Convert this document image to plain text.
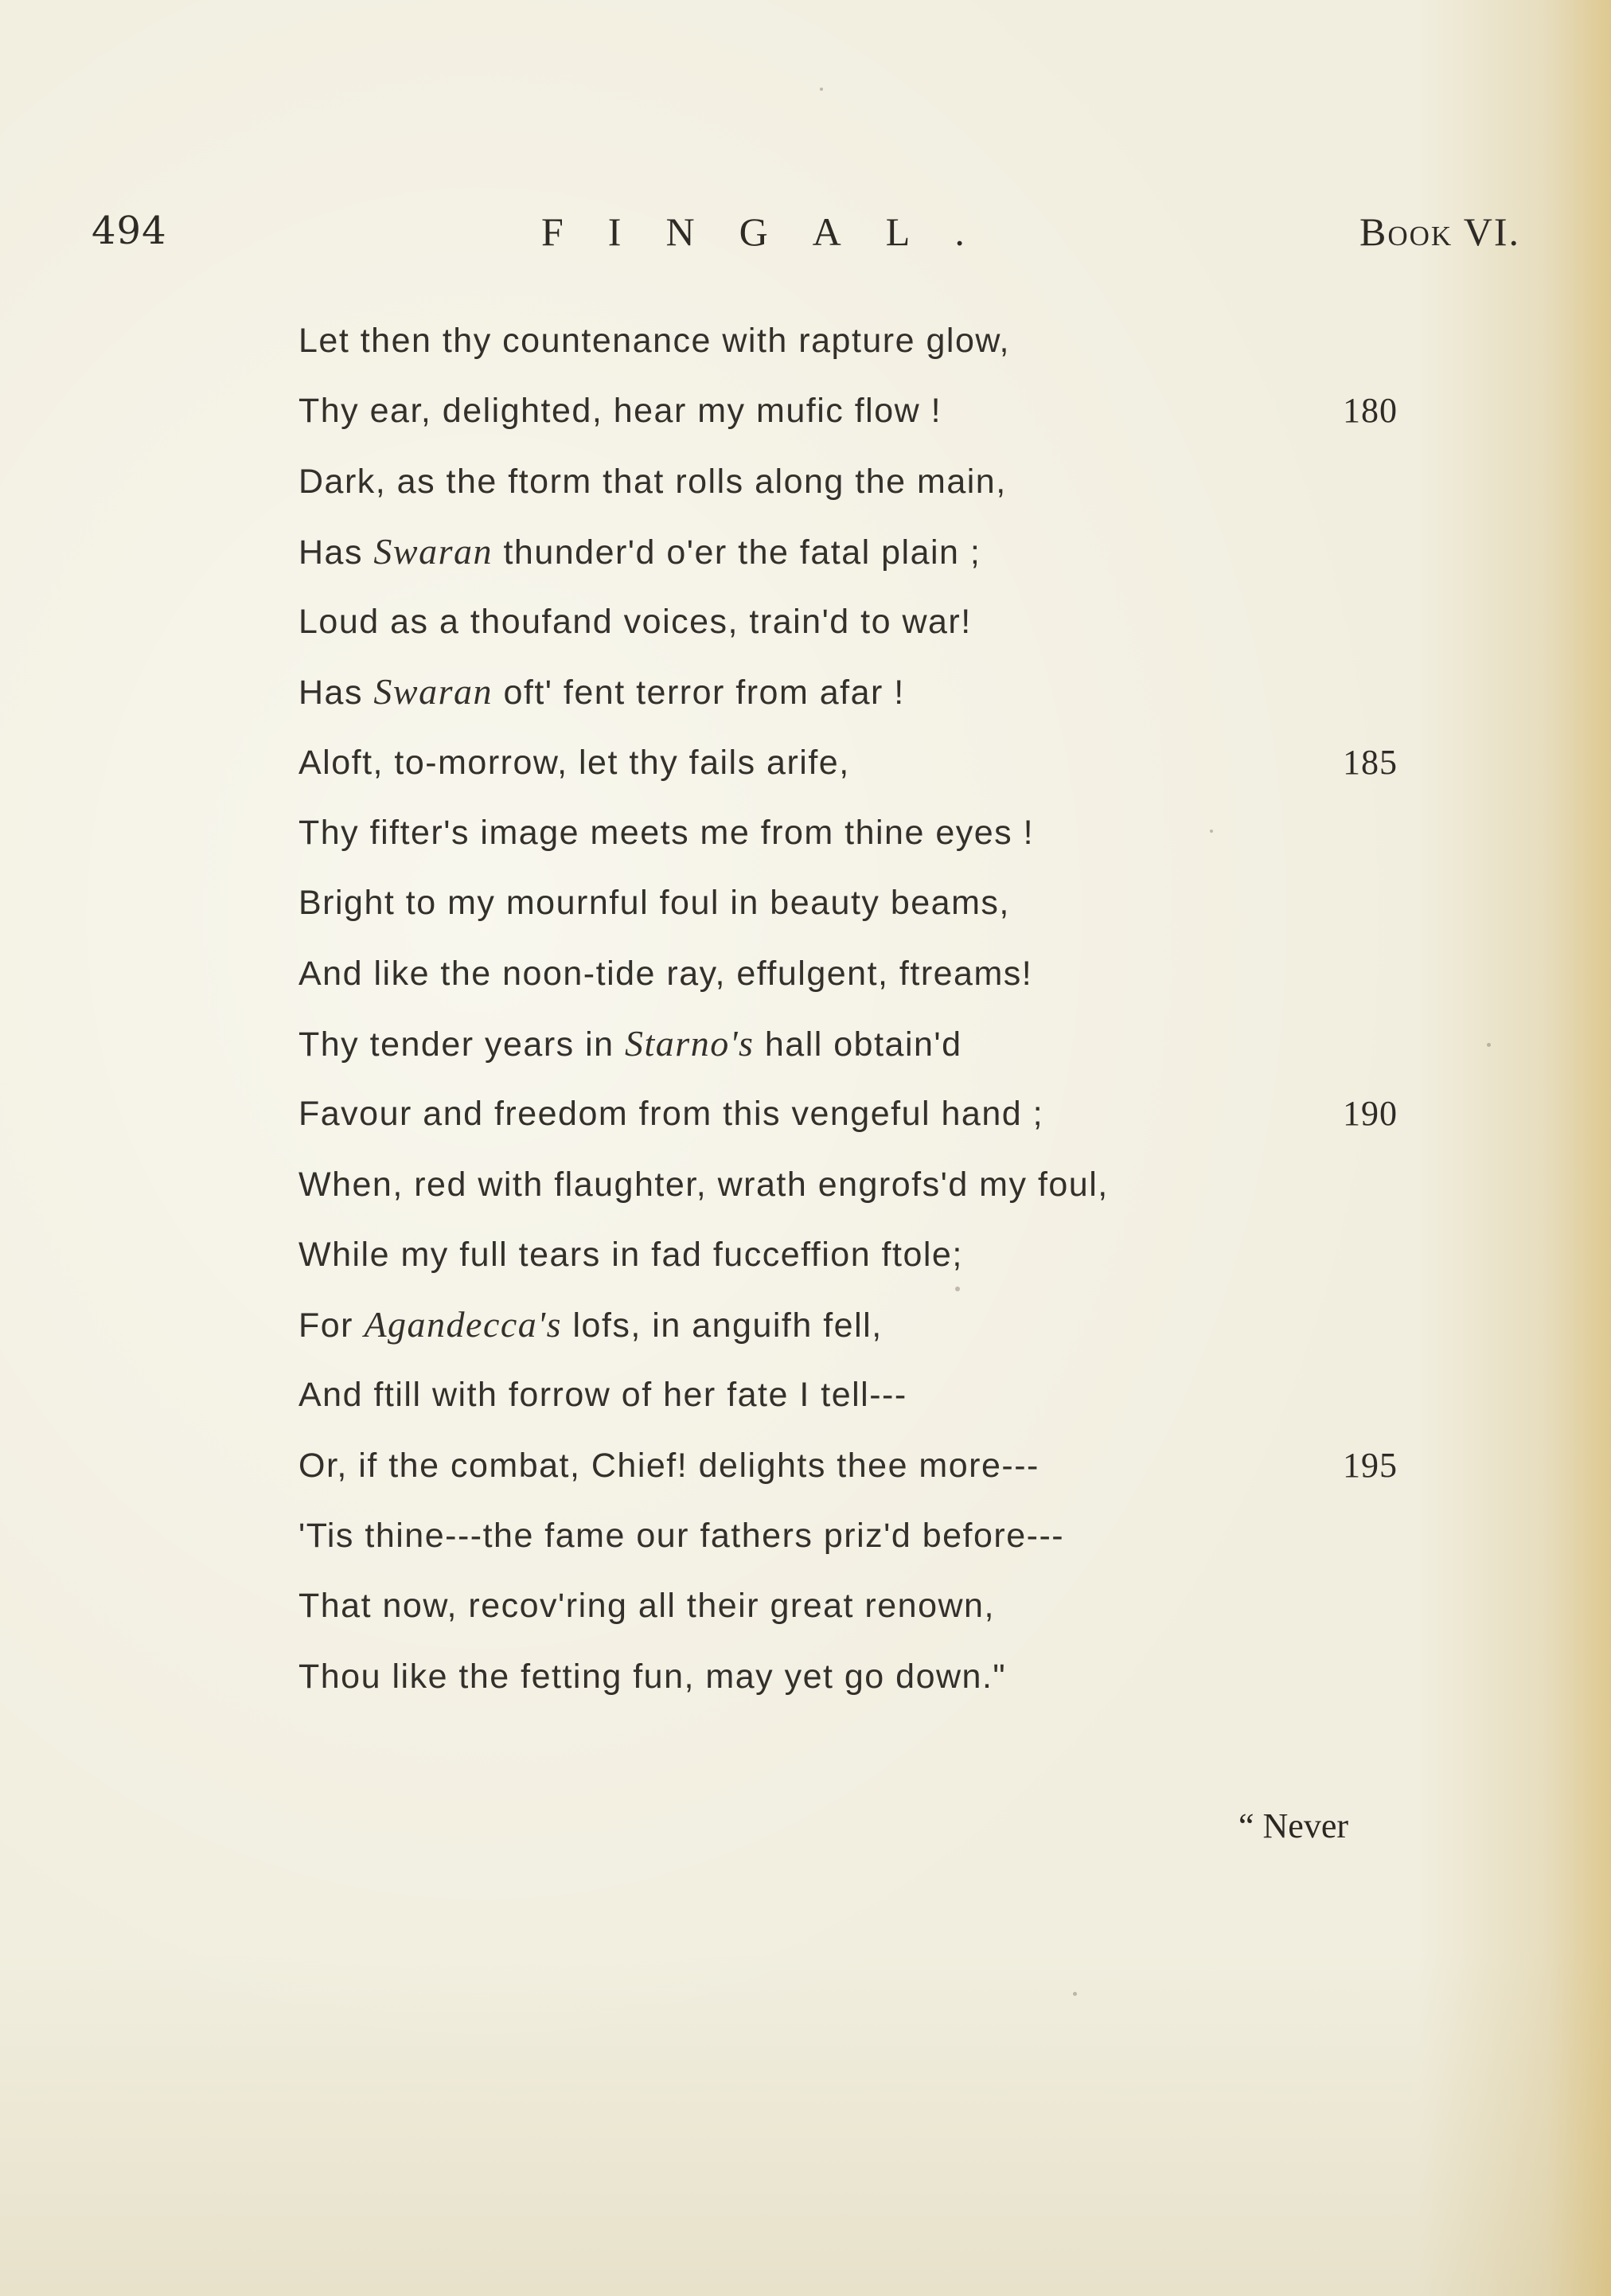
494	FINGAL.	Book VI.
Let then thy countenance with rapture glow,
Thy ear, delighted, hear my mufic flow !	180
Dark, as the ftorm that rolls along the main,
Has Swaran thunder'd o'er the fatal plain ;
Loud as a thoufand voices, train'd to war!
Has Swaran oft' fent terror from afar !
Aloft, to-morrow, let thy fails arife,	185
Thy fifter's image meets me from thine eyes !
Bright to my mournful foul in beauty beams,
And like the noon-tide ray, effulgent, ftreams!
Thy tender years in Starno's hall obtain'd
Favour and freedom from this vengeful hand ;	190
When, red with flaughter, wrath engrofs'd my foul,
While my full tears in fad fucceffion ftole;
For Agandecca's lofs, in anguifh fell,
And ftill with forrow of her fate I tell---
Or, if the combat, Chief! delights thee more---	195
'Tis thine---the fame our fathers priz'd before---
That now, recov'ring all their great renown,
Thou like the fetting fun, may yet go down."
“ Never
